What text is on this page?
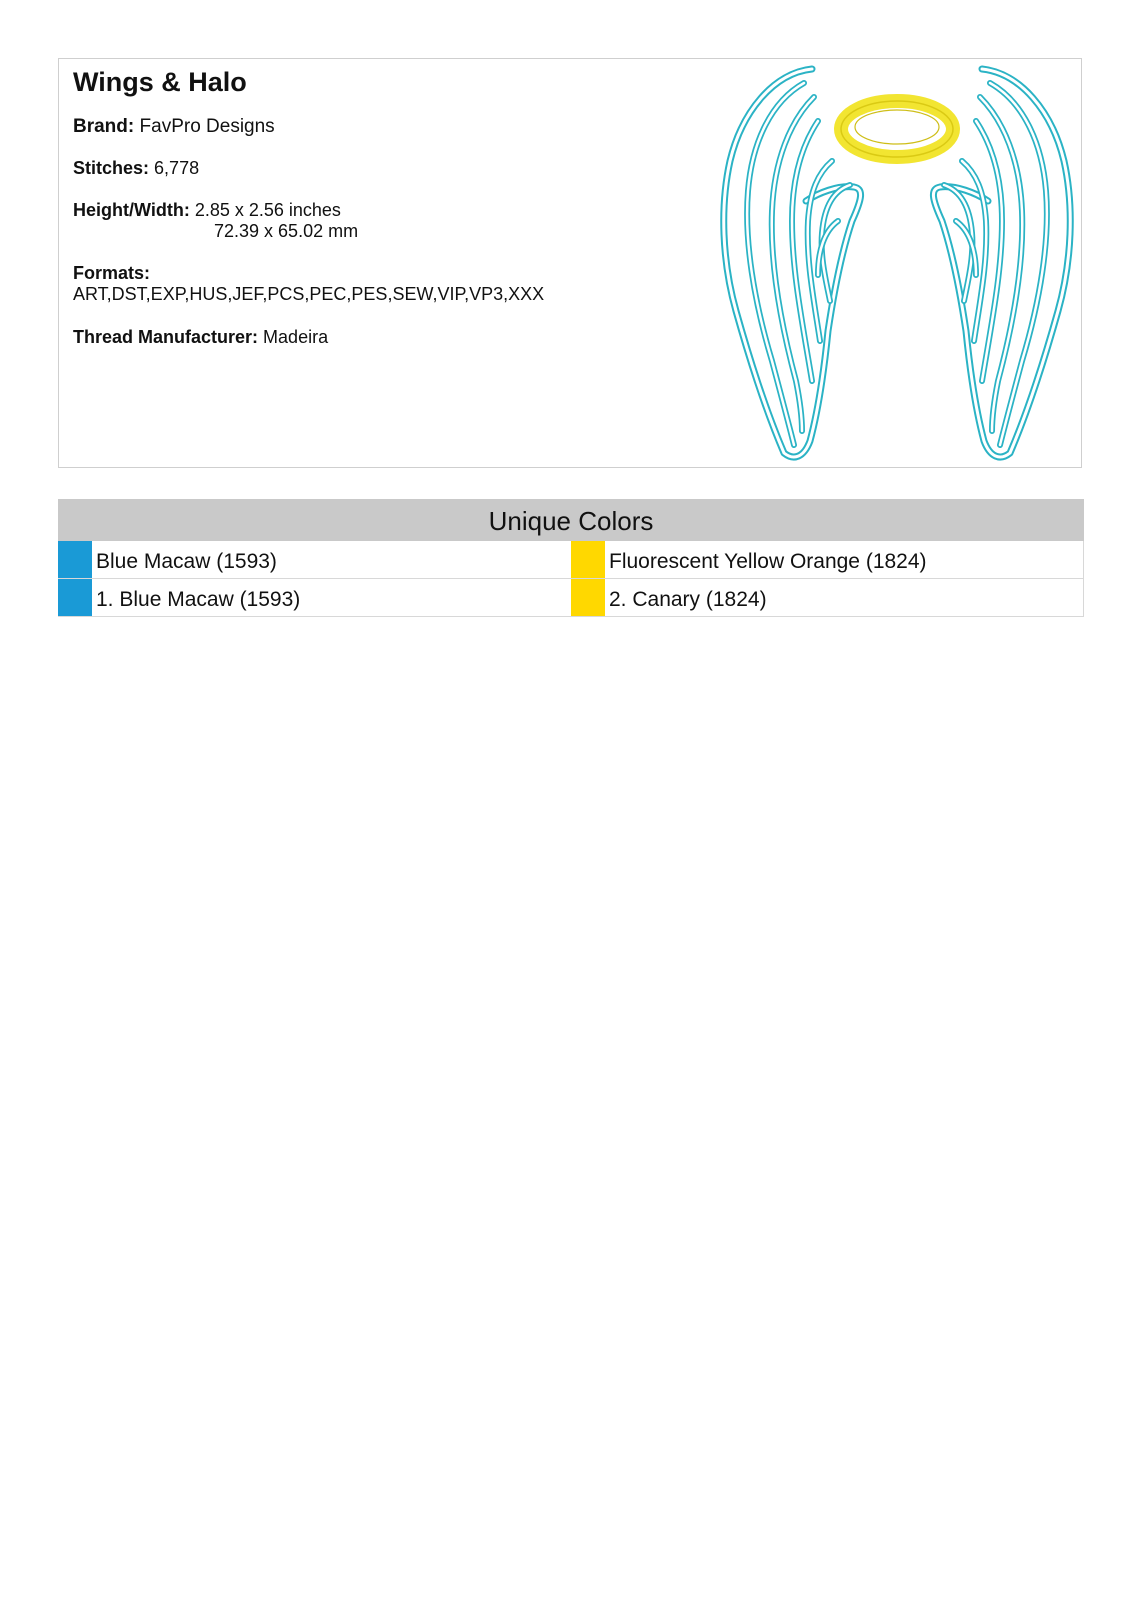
Wings & Halo
Brand: FavPro Designs
Stitches: 6,778
Height/Width: 2.85 x 2.56 inches
72.39 x 65.02 mm
Formats:
ART,DST,EXP,HUS,JEF,PCS,PEC,PES,SEW,VIP,VP3,XXX
Thread Manufacturer: Madeira
Unique Colors
Blue Macaw (1593)	Fluorescent Yellow Orange (1824)
1. Blue Macaw (1593)	2. Canary (1824)
